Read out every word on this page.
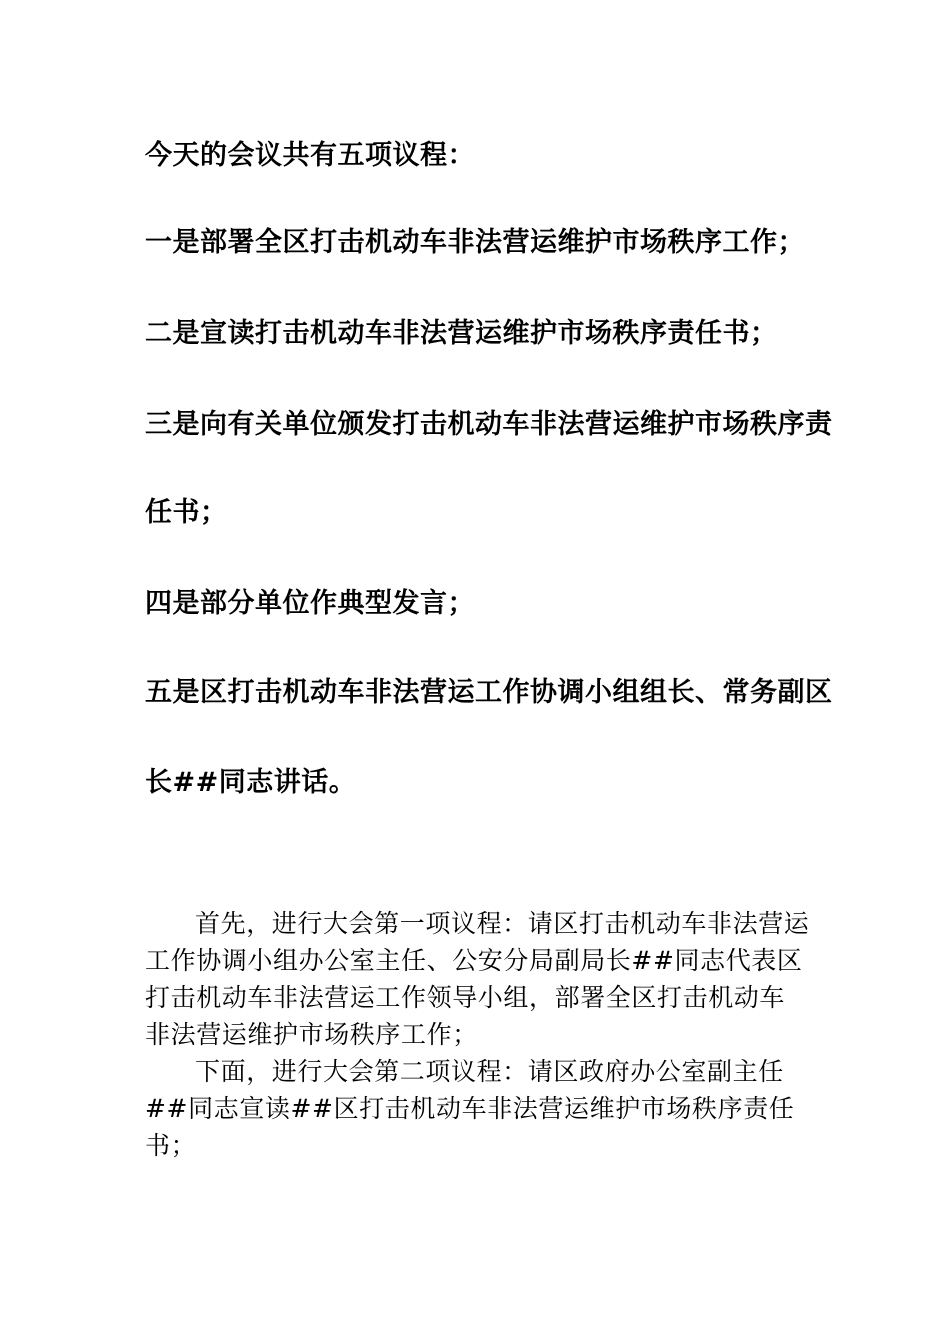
今天的会议共有五项议程：
一是部署全区打击机动车非法营运维护市场秩序工作；
二是宣读打击机动车非法营运维护市场秩序责任书；
三是向有关单位颁发打击机动车非法营运维护市场秩序责
任书；
四是部分单位作典型发言；
五是区打击机动车非法营运工作协调小组组长、常务副区
长##同志讲话。

首先，进行大会第一项议程：请区打击机动车非法营运工作协调小组办公室主任、公安分局副局长##同志代表区打击机动车非法营运工作领导小组，部署全区打击机动车非法营运维护市场秩序工作；

下面，进行大会第二项议程：请区政府办公室副主任##同志宣读##区打击机动车非法营运维护市场秩序责任书；
